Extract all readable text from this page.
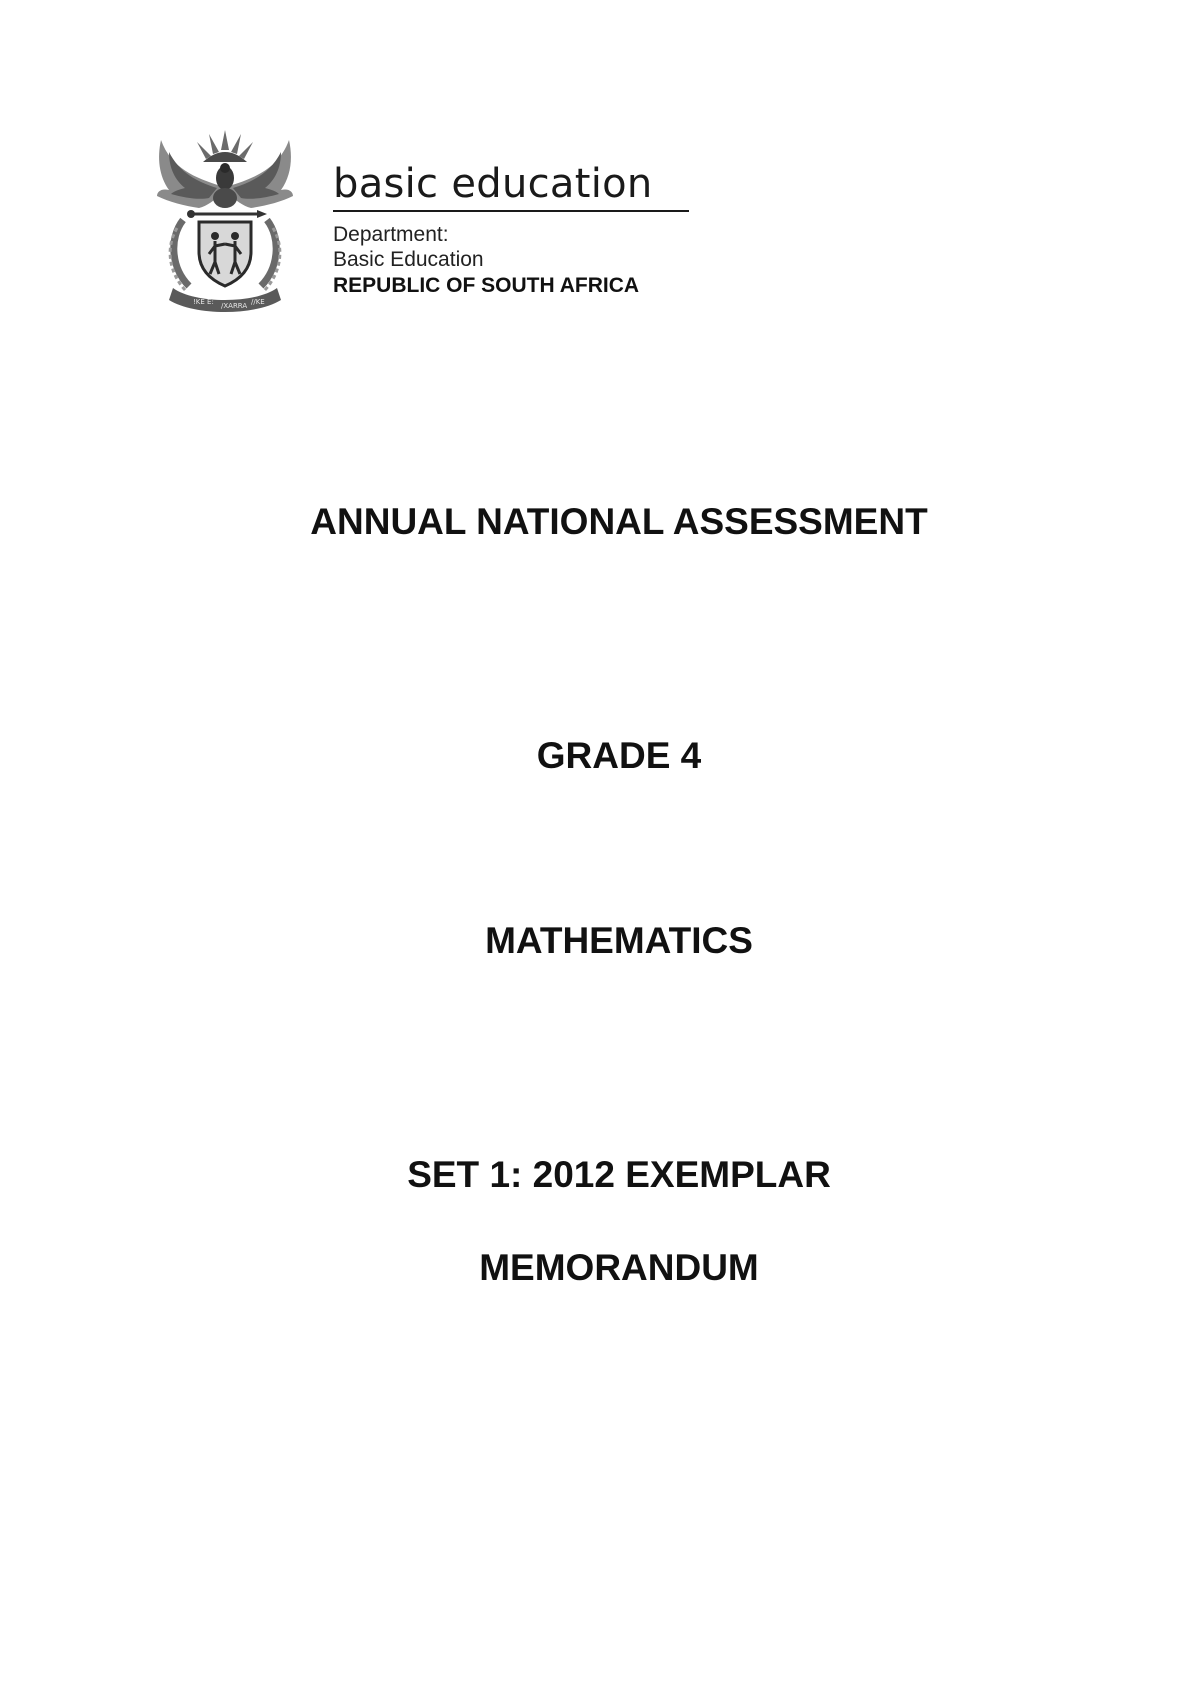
!KE E: /XARRA //KE
basic education
Department:
Basic Education
REPUBLIC OF SOUTH AFRICA
ANNUAL NATIONAL ASSESSMENT
GRADE 4
MATHEMATICS
SET 1: 2012 EXEMPLAR
MEMORANDUM
